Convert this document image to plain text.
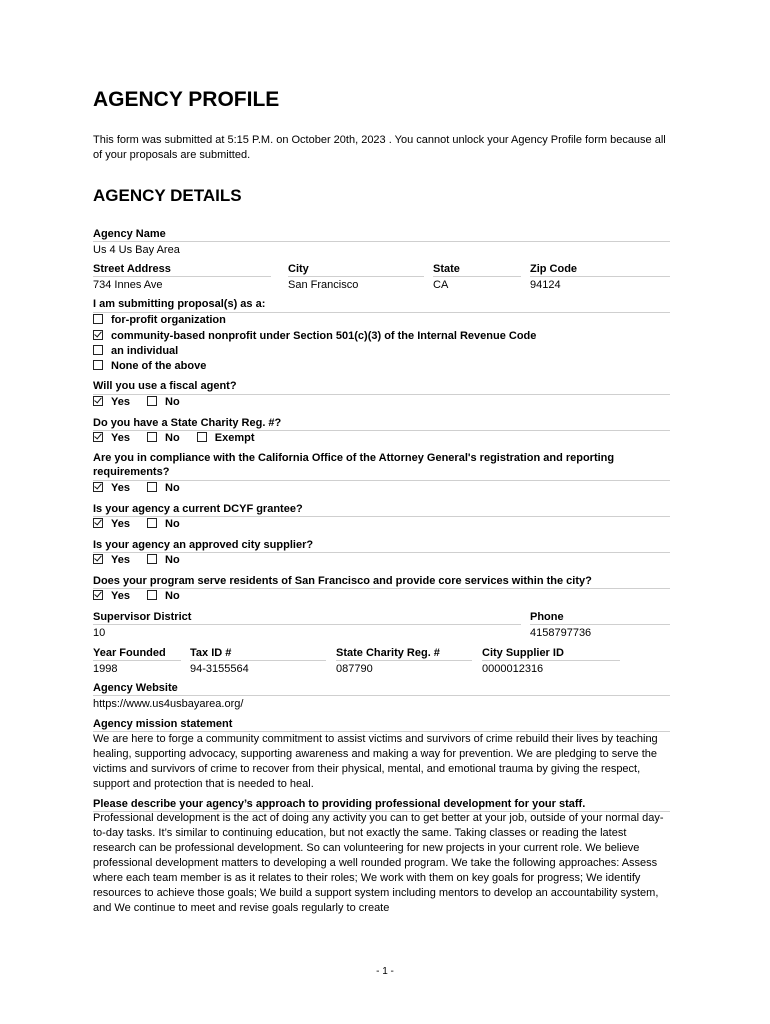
AGENCY PROFILE
This form was submitted at 5:15 P.M. on October 20th, 2023 . You cannot unlock your Agency Profile form because all of your proposals are submitted.
AGENCY DETAILS
Agency Name
Us 4 Us Bay Area
Street Address
734 Innes Ave
City
San Francisco
State
CA
Zip Code
94124
I am submitting proposal(s) as a:
for-profit organization
community-based nonprofit under Section 501(c)(3) of the Internal Revenue Code
an individual
None of the above
Will you use a fiscal agent?
Yes	No
Do you have a State Charity Reg. #?
Yes	No	Exempt
Are you in compliance with the California Office of the Attorney General's registration and reporting requirements?
Yes	No
Is your agency a current DCYF grantee?
Yes	No
Is your agency an approved city supplier?
Yes	No
Does your program serve residents of San Francisco and provide core services within the city?
Yes	No
Supervisor District
10
Phone
4158797736
Year Founded
1998
Tax ID #
94-3155564
State Charity Reg. #
087790
City Supplier ID
0000012316
Agency Website
https://www.us4usbayarea.org/
Agency mission statement
We are here to forge a community commitment to assist victims and survivors of crime rebuild their lives by teaching healing, supporting advocacy, supporting awareness and making a way for prevention. We are pledging to serve the victims and survivors of crime to recover from their physical, mental, and emotional trauma by giving the respect, support and protection that is needed to heal.
Please describe your agency’s approach to providing professional development for your staff.
Professional development is the act of doing any activity you can to get better at your job, outside of your normal day-to-day tasks. It’s similar to continuing education, but not exactly the same. Taking classes or reading the latest research can be professional development. So can volunteering for new projects in your current role. We believe professional development matters to developing a well rounded program. We take the following approaches: Assess where each team member is as it relates to their roles; We work with them on key goals for progress; We identify resources to achieve those goals; We build a support system including mentors to develop an accountability system, and We continue to meet and revise goals regularly to create
- 1 -
